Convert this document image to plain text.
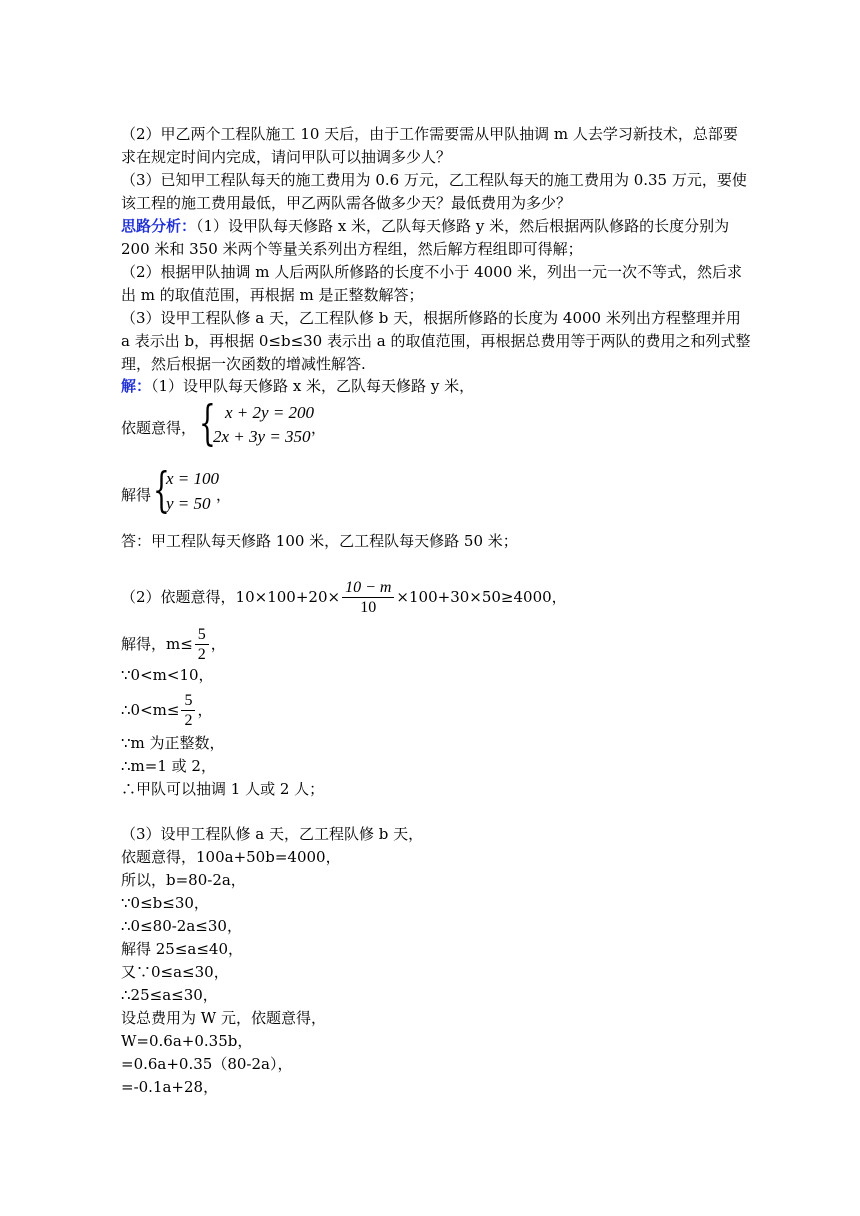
（2）甲乙两个工程队施工 10 天后，由于工作需要需从甲队抽调 m 人去学习新技术，总部要
求在规定时间内完成，请问甲队可以抽调多少人？
（3）已知甲工程队每天的施工费用为 0.6 万元，乙工程队每天的施工费用为 0.35 万元，要使
该工程的施工费用最低，甲乙两队需各做多少天？最低费用为多少？
思路分析：（1）设甲队每天修路 x 米，乙队每天修路 y 米，然后根据两队修路的长度分别为
200 米和 350 米两个等量关系列出方程组，然后解方程组即可得解；
（2）根据甲队抽调 m 人后两队所修路的长度不小于 4000 米，列出一元一次不等式，然后求
出 m 的取值范围，再根据 m 是正整数解答；
（3）设甲工程队修 a 天，乙工程队修 b 天，根据所修路的长度为 4000 米列出方程整理并用
a 表示出 b，再根据 0≤b≤30 表示出 a 的取值范围，再根据总费用等于两队的费用之和列式整
理，然后根据一次函数的增减性解答.
解：（1）设甲队每天修路 x 米，乙队每天修路 y 米，
依题意得， { x + 2y = 200
2x + 3y = 350 ，
解得 {
x = 100
y = 50 ，
答：甲工程队每天修路 100 米，乙工程队每天修路 50 米；
（2）依题意得，$10\times 100+20\times \frac{10 - m}{10} \times 100+30\times 50\ge 4000$，
解得，$m\le \frac{5}{2}$ ，
∵0<m<10，
∴0<m≤ $\frac{5}{2}$ ，
∵m 为正整数，
∴m=1 或 2，
∴甲队可以抽调 1 人或 2 人；
（3）设甲工程队修 a 天，乙工程队修 b 天，
依题意得，100a+50b=4000，
所以，b=80-2a，
∵0≤b≤30，
∴0≤80-2a≤30，
解得 25≤a≤40，
又∵0≤a≤30，
∴25≤a≤30，
设总费用为 W 元，依题意得，
W=0.6a+0.35b，
=0.6a+0.35（80-2a），
=-0.1a+28，
